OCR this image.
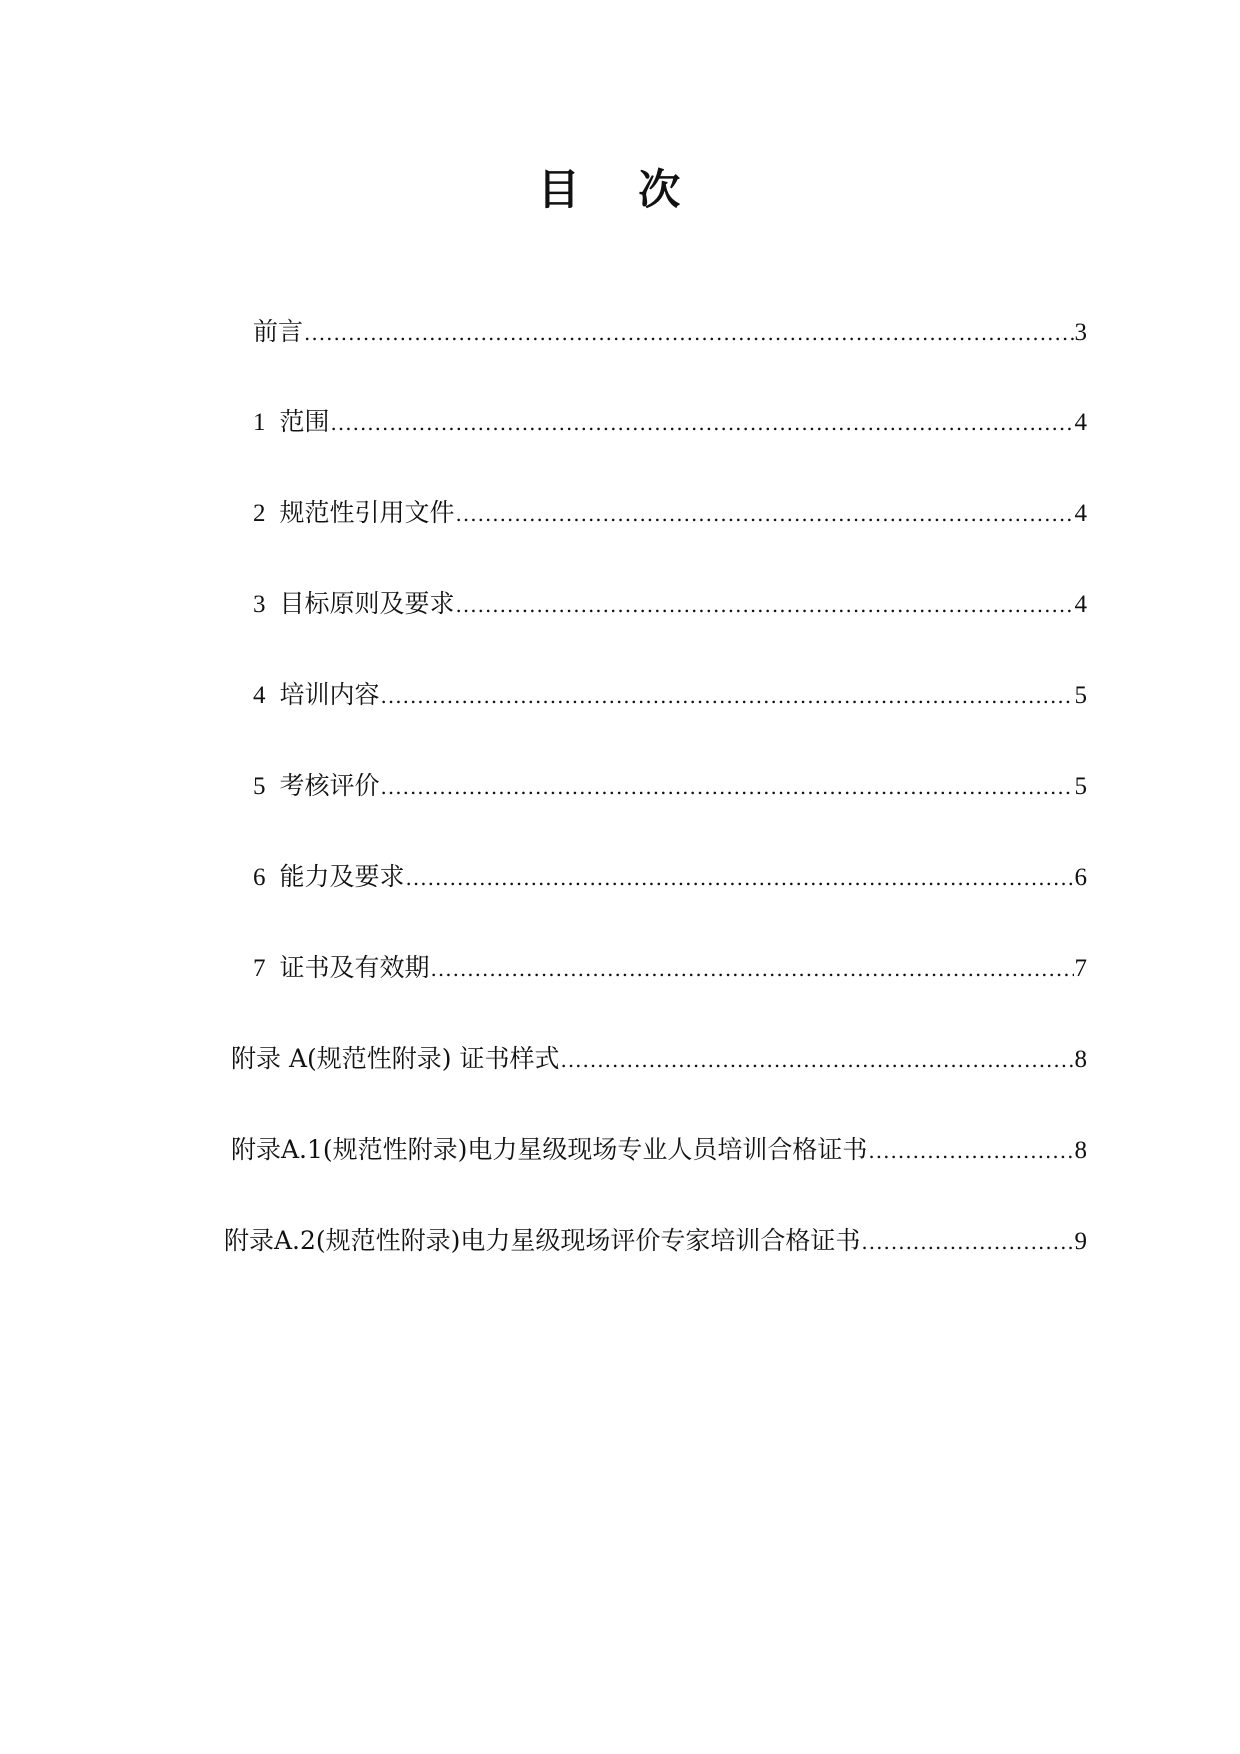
目 次
前言 .....	3
1 范围 .....	4
2 规范性引用文件 .....	4
3 目标原则及要求 .....	4
4 培训内容 .....	5
5 考核评价 .....	5
6 能力及要求 .....	6
7 证书及有效期 .....	7
附录 A(规范性附录) 证书样式 .....	8
附录A.1(规范性附录)电力星级现场专业人员培训合格证书 .....	8
附录A.2(规范性附录)电力星级现场评价专家培训合格证书 .....	9
